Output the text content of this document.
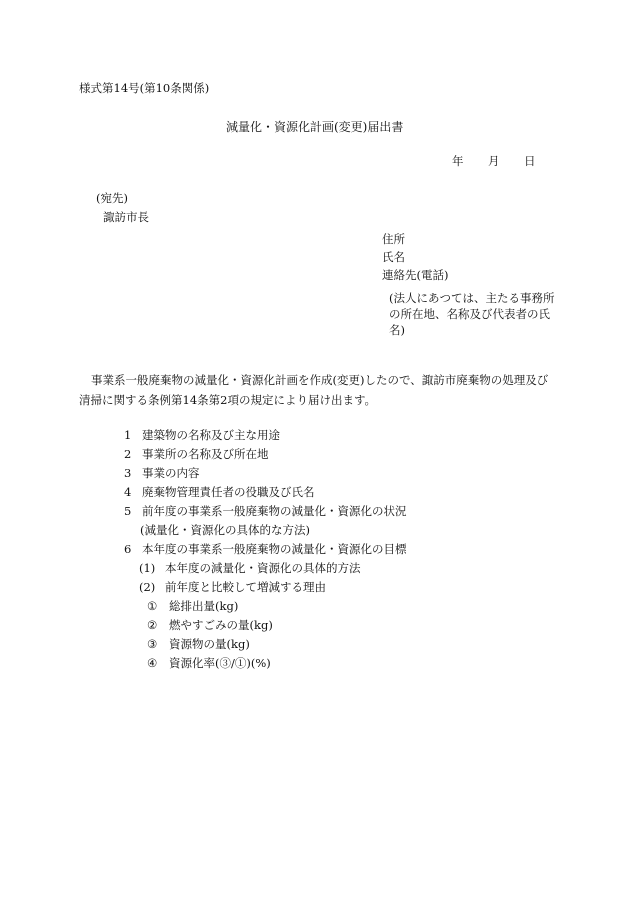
様式第14号(第10条関係)
減量化・資源化計画(変更)届出書
年 月 日
(宛先)
諏訪市長
住所
氏名
連絡先(電話)
(法人にあつては、主たる事務所の所在地、名称及び代表者の氏名)
事業系一般廃棄物の減量化・資源化計画を作成(変更)したので、諏訪市廃棄物の処理及び清掃に関する条例第14条第2項の規定により届け出ます。
1 建築物の名称及び主な用途
2 事業所の名称及び所在地
3 事業の内容
4 廃棄物管理責任者の役職及び氏名
5 前年度の事業系一般廃棄物の減量化・資源化の状況
(減量化・資源化の具体的な方法)
6 本年度の事業系一般廃棄物の減量化・資源化の目標
(1) 本年度の減量化・資源化の具体的方法
(2) 前年度と比較して増減する理由
① 総排出量(kg)
② 燃やすごみの量(kg)
③ 資源物の量(kg)
④ 資源化率(③/①)(%)
